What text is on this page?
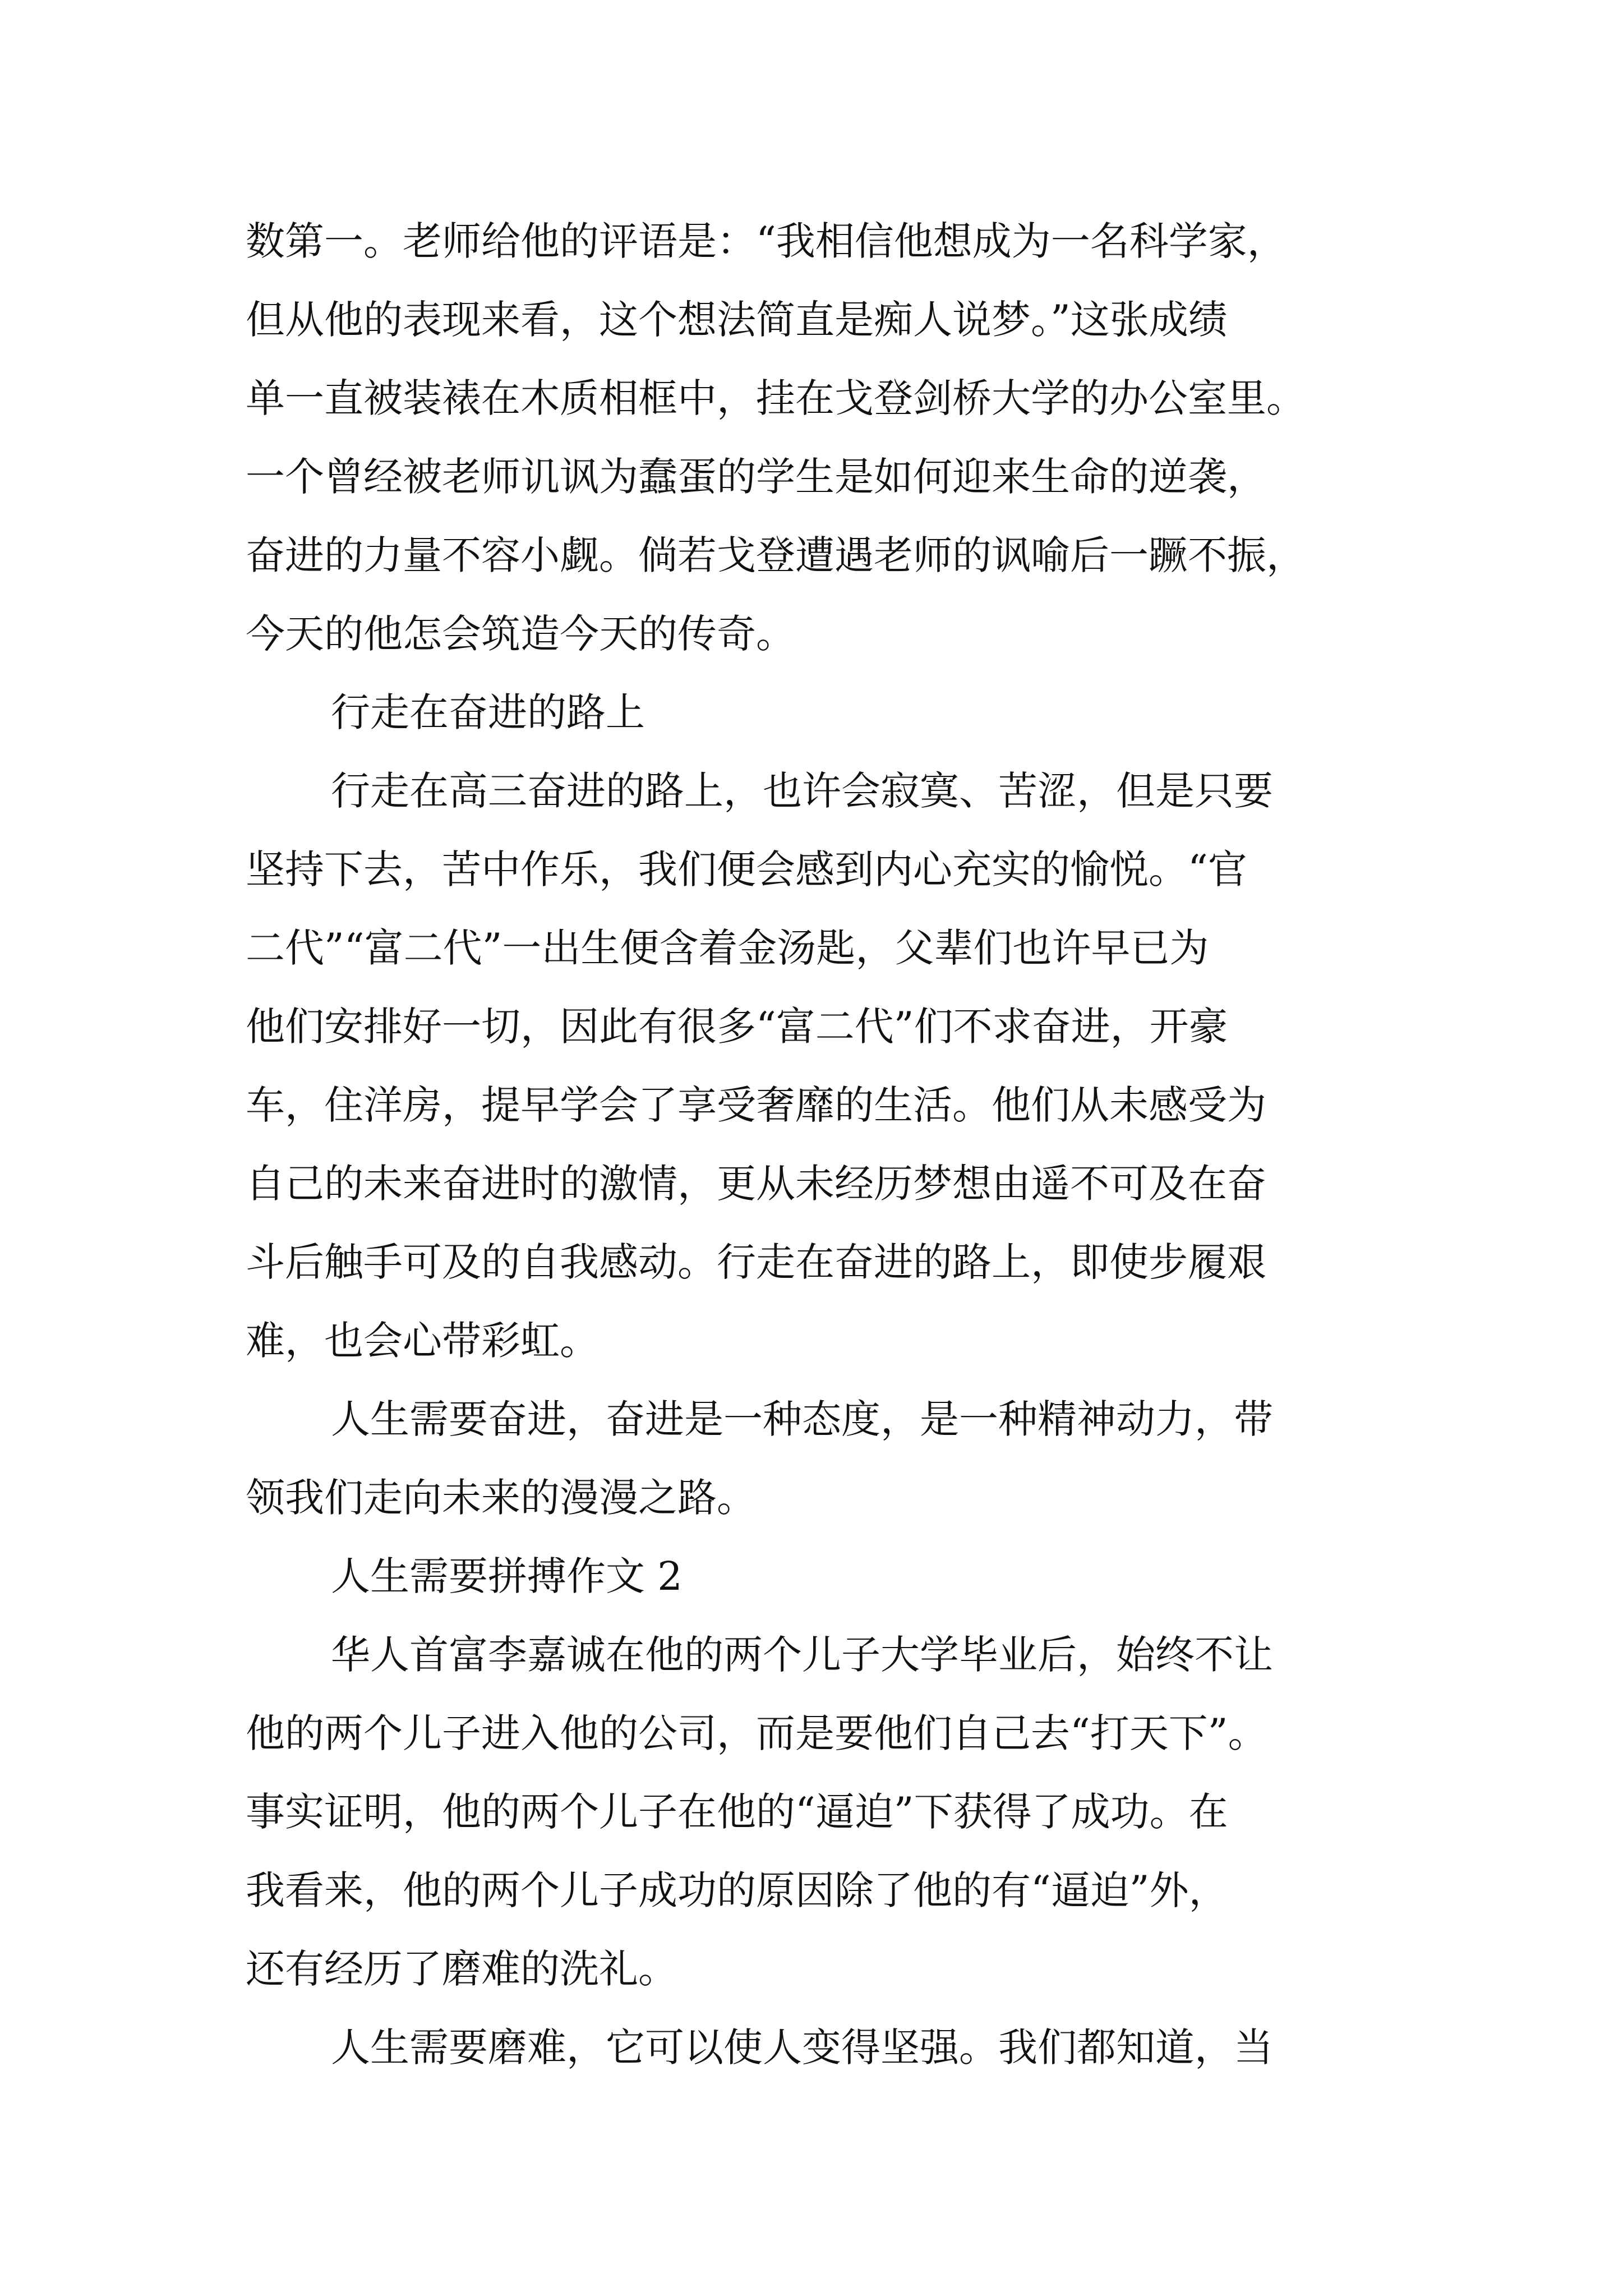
数第一。老师给他的评语是：“我相信他想成为一名科学家，
但从他的表现来看，这个想法简直是痴人说梦。”这张成绩
单一直被装裱在木质相框中，挂在戈登剑桥大学的办公室里。
一个曾经被老师讥讽为蠢蛋的学生是如何迎来生命的逆袭，
奋进的力量不容小觑。倘若戈登遭遇老师的讽喻后一蹶不振，
今天的他怎会筑造今天的传奇。
行走在奋进的路上
行走在高三奋进的路上，也许会寂寞、苦涩，但是只要
坚持下去，苦中作乐，我们便会感到内心充实的愉悦。“官
二代”“富二代”一出生便含着金汤匙，父辈们也许早已为
他们安排好一切，因此有很多“富二代”们不求奋进，开豪
车，住洋房，提早学会了享受奢靡的生活。他们从未感受为
自己的未来奋进时的激情，更从未经历梦想由遥不可及在奋
斗后触手可及的自我感动。行走在奋进的路上，即使步履艰
难，也会心带彩虹。
人生需要奋进，奋进是一种态度，是一种精神动力，带
领我们走向未来的漫漫之路。
人生需要拼搏作文 2
华人首富李嘉诚在他的两个儿子大学毕业后，始终不让
他的两个儿子进入他的公司，而是要他们自己去“打天下”。
事实证明，他的两个儿子在他的“逼迫”下获得了成功。在
我看来，他的两个儿子成功的原因除了他的有“逼迫”外，
还有经历了磨难的洗礼。
人生需要磨难，它可以使人变得坚强。我们都知道，当
